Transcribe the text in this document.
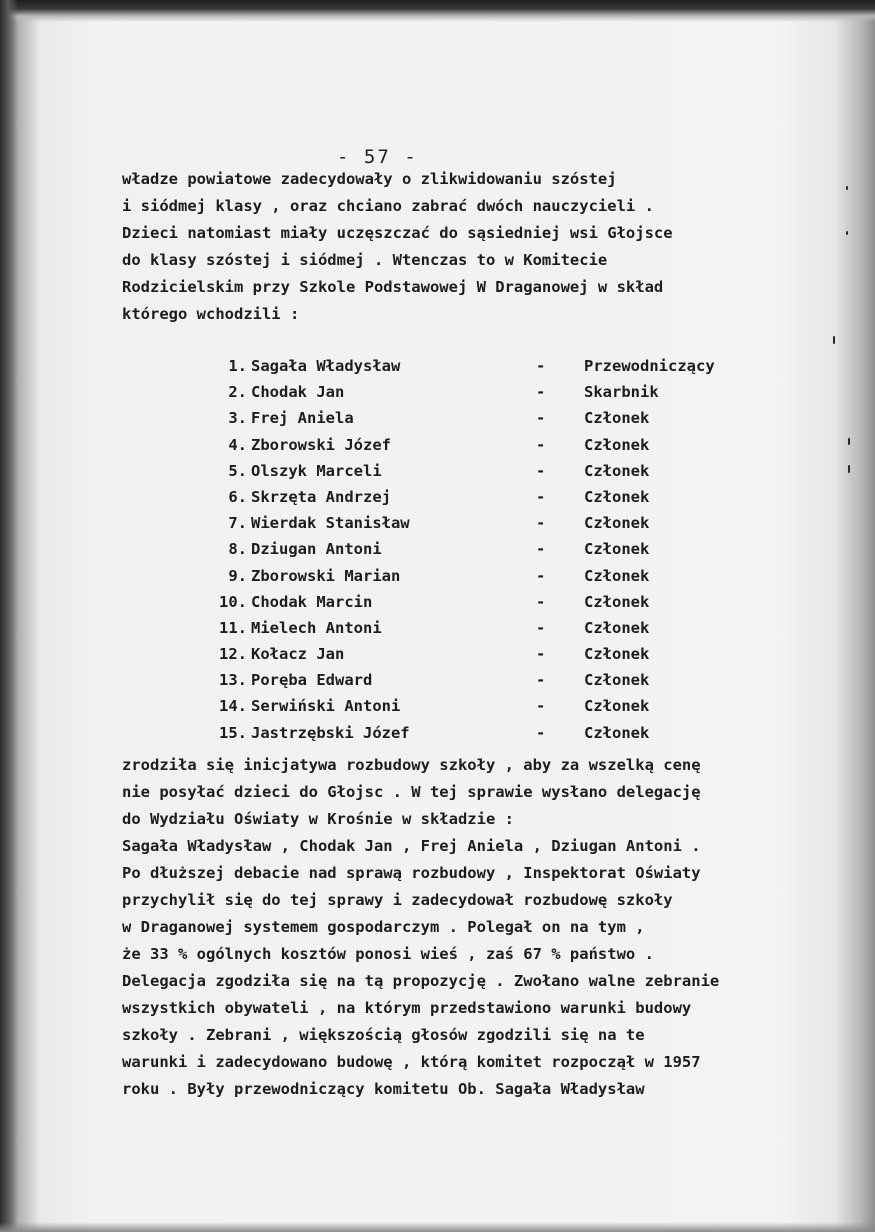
- 57 -

władze powiatowe zadecydowały o zlikwidowaniu szóstej
i siódmej klasy , oraz chciano zabrać dwóch nauczycieli .
Dzieci natomiast miały uczęszczać do sąsiedniej wsi Głojsce
do klasy szóstej i siódmej . Wtenczas to w Komitecie
Rodzicielskim przy Szkole Podstawowej W Draganowej w skład
którego wchodzili :

1. Sagała Władysław	- Przewodniczący
2. Chodak Jan	- Skarbnik
3. Frej Aniela	- Członek
4. Zborowski Józef	- Członek
5. Olszyk Marceli	- Członek
6. Skrzęta Andrzej	- Członek
7. Wierdak Stanisław	- Członek
8. Dziugan Antoni	- Członek
9. Zborowski Marian	- Członek
10. Chodak Marcin	- Członek
11. Mielech Antoni	- Członek
12. Kołacz Jan	- Członek
13. Poręba Edward	- Członek
14. Serwiński Antoni	- Członek
15. Jastrzębski Józef	- Członek

zrodziła się inicjatywa rozbudowy szkoły , aby za wszelką cenę
nie posyłać dzieci do Głojsc . W tej sprawie wysłano delegację
do Wydziału Oświaty w Krośnie w składzie :
Sagała Władysław , Chodak Jan , Frej Aniela , Dziugan Antoni .
Po dłuższej debacie nad sprawą rozbudowy , Inspektorat Oświaty
przychylił się do tej sprawy i zadecydował rozbudowę szkoły
w Draganowej systemem gospodarczym . Polegał on na tym ,
że 33 % ogólnych kosztów ponosi wieś , zaś 67 % państwo .
Delegacja zgodziła się na tą propozycję . Zwołano walne zebranie
wszystkich obywateli , na którym przedstawiono warunki budowy
szkoły . Zebrani , większością głosów zgodzili się na te
warunki i zadecydowano budowę , którą komitet rozpoczął w 1957
roku . Były przewodniczący komitetu Ob. Sagała Władysław
